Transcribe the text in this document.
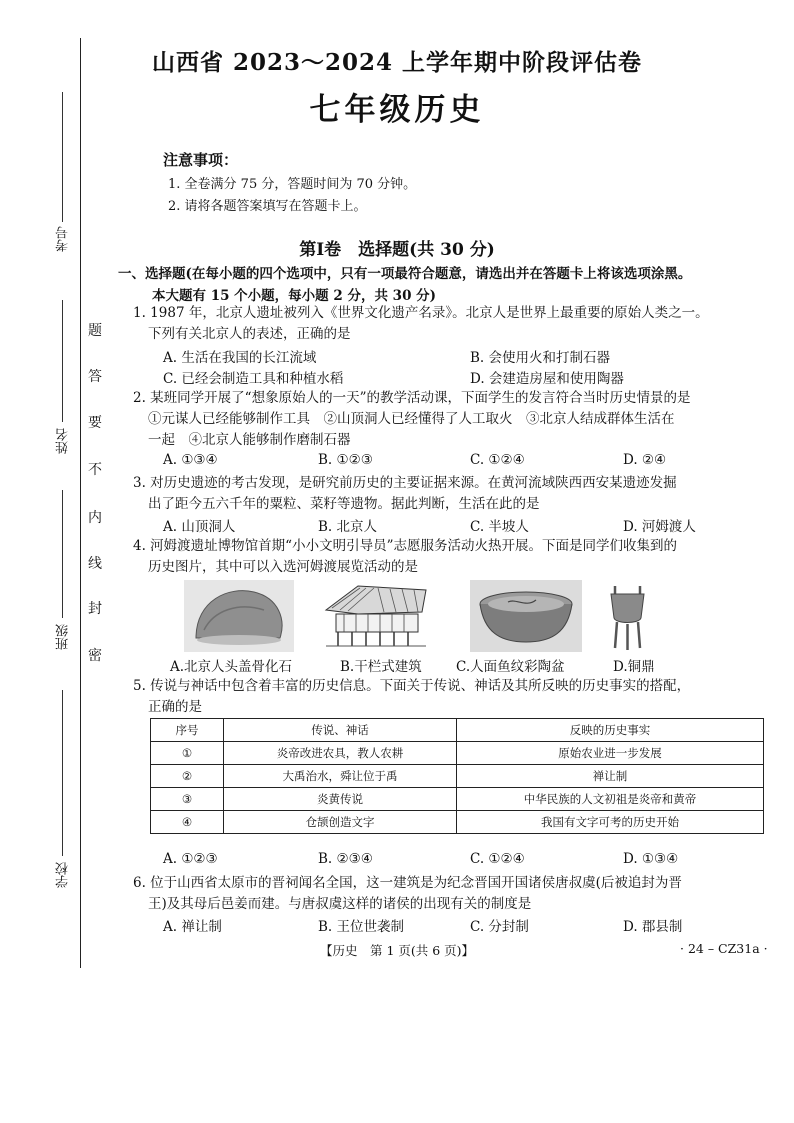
考号
姓名
班级
学校
题
答
要
不
内
线
封
密
山西省 2023～2024 上学年期中阶段评估卷
七年级历史
注意事项：
1. 全卷满分 75 分，答题时间为 70 分钟。
2. 请将各题答案填写在答题卡上。
第Ⅰ卷　选择题(共 30 分)
一、选择题(在每小题的四个选项中，只有一项最符合题意，请选出并在答题卡上将该选项涂黑。
本大题有 15 个小题，每小题 2 分，共 30 分)
1. 1987 年，北京人遗址被列入《世界文化遗产名录》。北京人是世界上最重要的原始人类之一。
下列有关北京人的表述，正确的是
A. 生活在我国的长江流域	B. 会使用火和打制石器
C. 已经会制造工具和种植水稻	D. 会建造房屋和使用陶器
2. 某班同学开展了“想象原始人的一天”的教学活动课，下面学生的发言符合当时历史情景的是
①元谋人已经能够制作工具　②山顶洞人已经懂得了人工取火　③北京人结成群体生活在
一起　④北京人能够制作磨制石器
A. ①③④	B. ①②③	C. ①②④	D. ②④
3. 对历史遗迹的考古发现，是研究前历史的主要证据来源。在黄河流域陕西西安某遗迹发掘
出了距今五六千年的粟粒、菜籽等遗物。据此判断，生活在此的是
A. 山顶洞人	B. 北京人	C. 半坡人	D. 河姆渡人
4. 河姆渡遗址博物馆首期“小小文明引导员”志愿服务活动火热开展。下面是同学们收集到的
历史图片，其中可以入选河姆渡展览活动的是
A.北京人头盖骨化石	B.干栏式建筑	C.人面鱼纹彩陶盆	D.铜鼎
5. 传说与神话中包含着丰富的历史信息。下面关于传说、神话及其所反映的历史事实的搭配，
正确的是
序号	传说、神话	反映的历史事实
①	炎帝改进农具，教人农耕	原始农业进一步发展
②	大禹治水，舜让位于禹	禅让制
③	炎黄传说	中华民族的人文初祖是炎帝和黄帝
④	仓颉创造文字	我国有文字可考的历史开始
A. ①②③	B. ②③④	C. ①②④	D. ①③④
6. 位于山西省太原市的晋祠闻名全国，这一建筑是为纪念晋国开国诸侯唐叔虞(后被追封为晋
王)及其母后邑姜而建。与唐叔虞这样的诸侯的出现有关的制度是
A. 禅让制	B. 王位世袭制	C. 分封制	D. 郡县制
【历史　第 1 页(共 6 页)】	· 24 – CZ31a ·
